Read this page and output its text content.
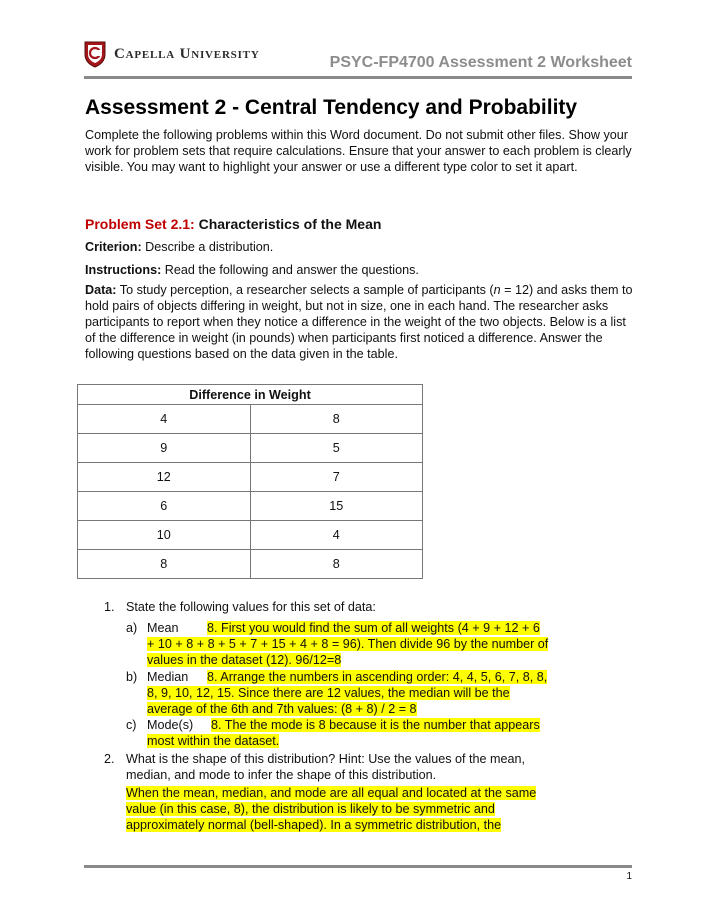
Capella University
PSYC-FP4700 Assessment 2 Worksheet
Assessment 2 - Central Tendency and Probability
Complete the following problems within this Word document. Do not submit other files. Show your work for problem sets that require calculations. Ensure that your answer to each problem is clearly visible. You may want to highlight your answer or use a different type color to set it apart.
Problem Set 2.1: Characteristics of the Mean
Criterion: Describe a distribution.
Instructions: Read the following and answer the questions.
Data: To study perception, a researcher selects a sample of participants (n = 12) and asks them to hold pairs of objects differing in weight, but not in size, one in each hand. The researcher asks participants to report when they notice a difference in the weight of the two objects. Below is a list of the difference in weight (in pounds) when participants first noticed a difference. Answer the following questions based on the data given in the table.
Difference in Weight	
4	8
9	5
12	7
6	15
10	4
8	8
1. State the following values for this set of data:
a) Mean	8. First you would find the sum of all weights (4 + 9 + 12 + 6 + 10 + 8 + 8 + 5 + 7 + 15 + 4 + 8 = 96). Then divide 96 by the number of values in the dataset (12). 96/12=8
b) Median	8. Arrange the numbers in ascending order: 4, 4, 5, 6, 7, 8, 8, 8, 9, 10, 12, 15. Since there are 12 values, the median will be the average of the 6th and 7th values: (8 + 8) / 2 = 8
c) Mode(s)	8. The the mode is 8 because it is the number that appears most within the dataset.
2. What is the shape of this distribution? Hint: Use the values of the mean, median, and mode to infer the shape of this distribution.
When the mean, median, and mode are all equal and located at the same value (in this case, 8), the distribution is likely to be symmetric and approximately normal (bell-shaped). In a symmetric distribution, the
1
